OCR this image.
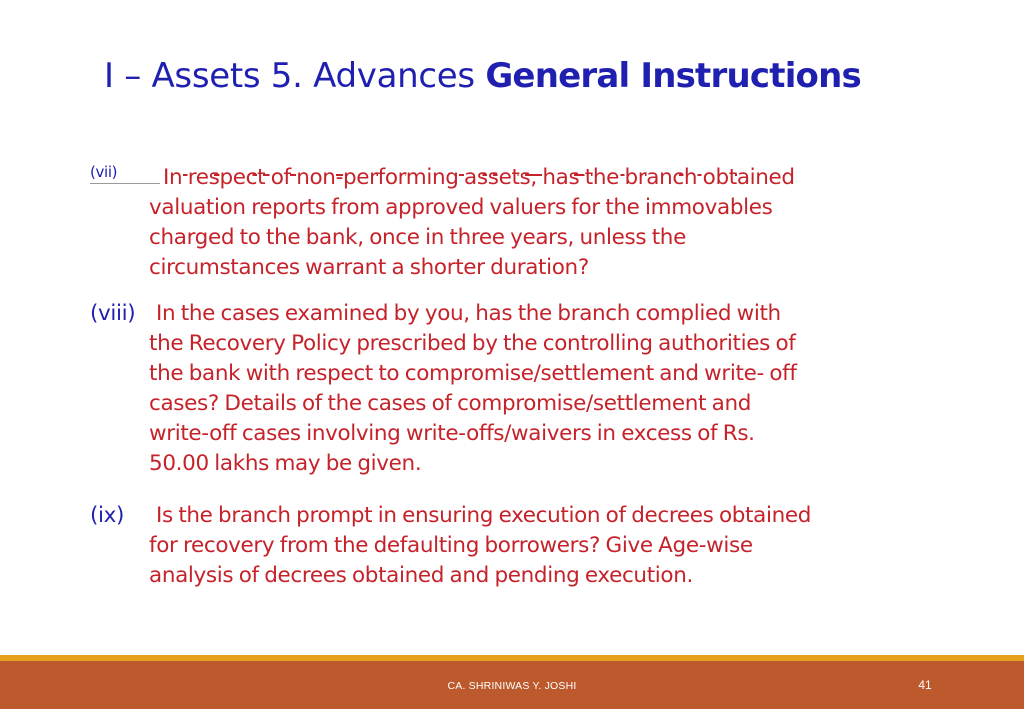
I – Assets 5. Advances General Instructions
(vii)	In respect of non-performing assets, has the branch obtained
valuation reports from approved valuers for the immovables
charged to the bank, once in three years, unless the
circumstances warrant a shorter duration?
(viii) In the cases examined by you, has the branch complied with
the Recovery Policy prescribed by the controlling authorities of
the bank with respect to compromise/settlement and write- off
cases? Details of the cases of compromise/settlement and
write-off cases involving write-offs/waivers in excess of Rs.
50.00 lakhs may be given.
(ix)	Is the branch prompt in ensuring execution of decrees obtained
for recovery from the defaulting borrowers? Give Age-wise
analysis of decrees obtained and pending execution.
CA. SHRINIWAS Y. JOSHI	41
